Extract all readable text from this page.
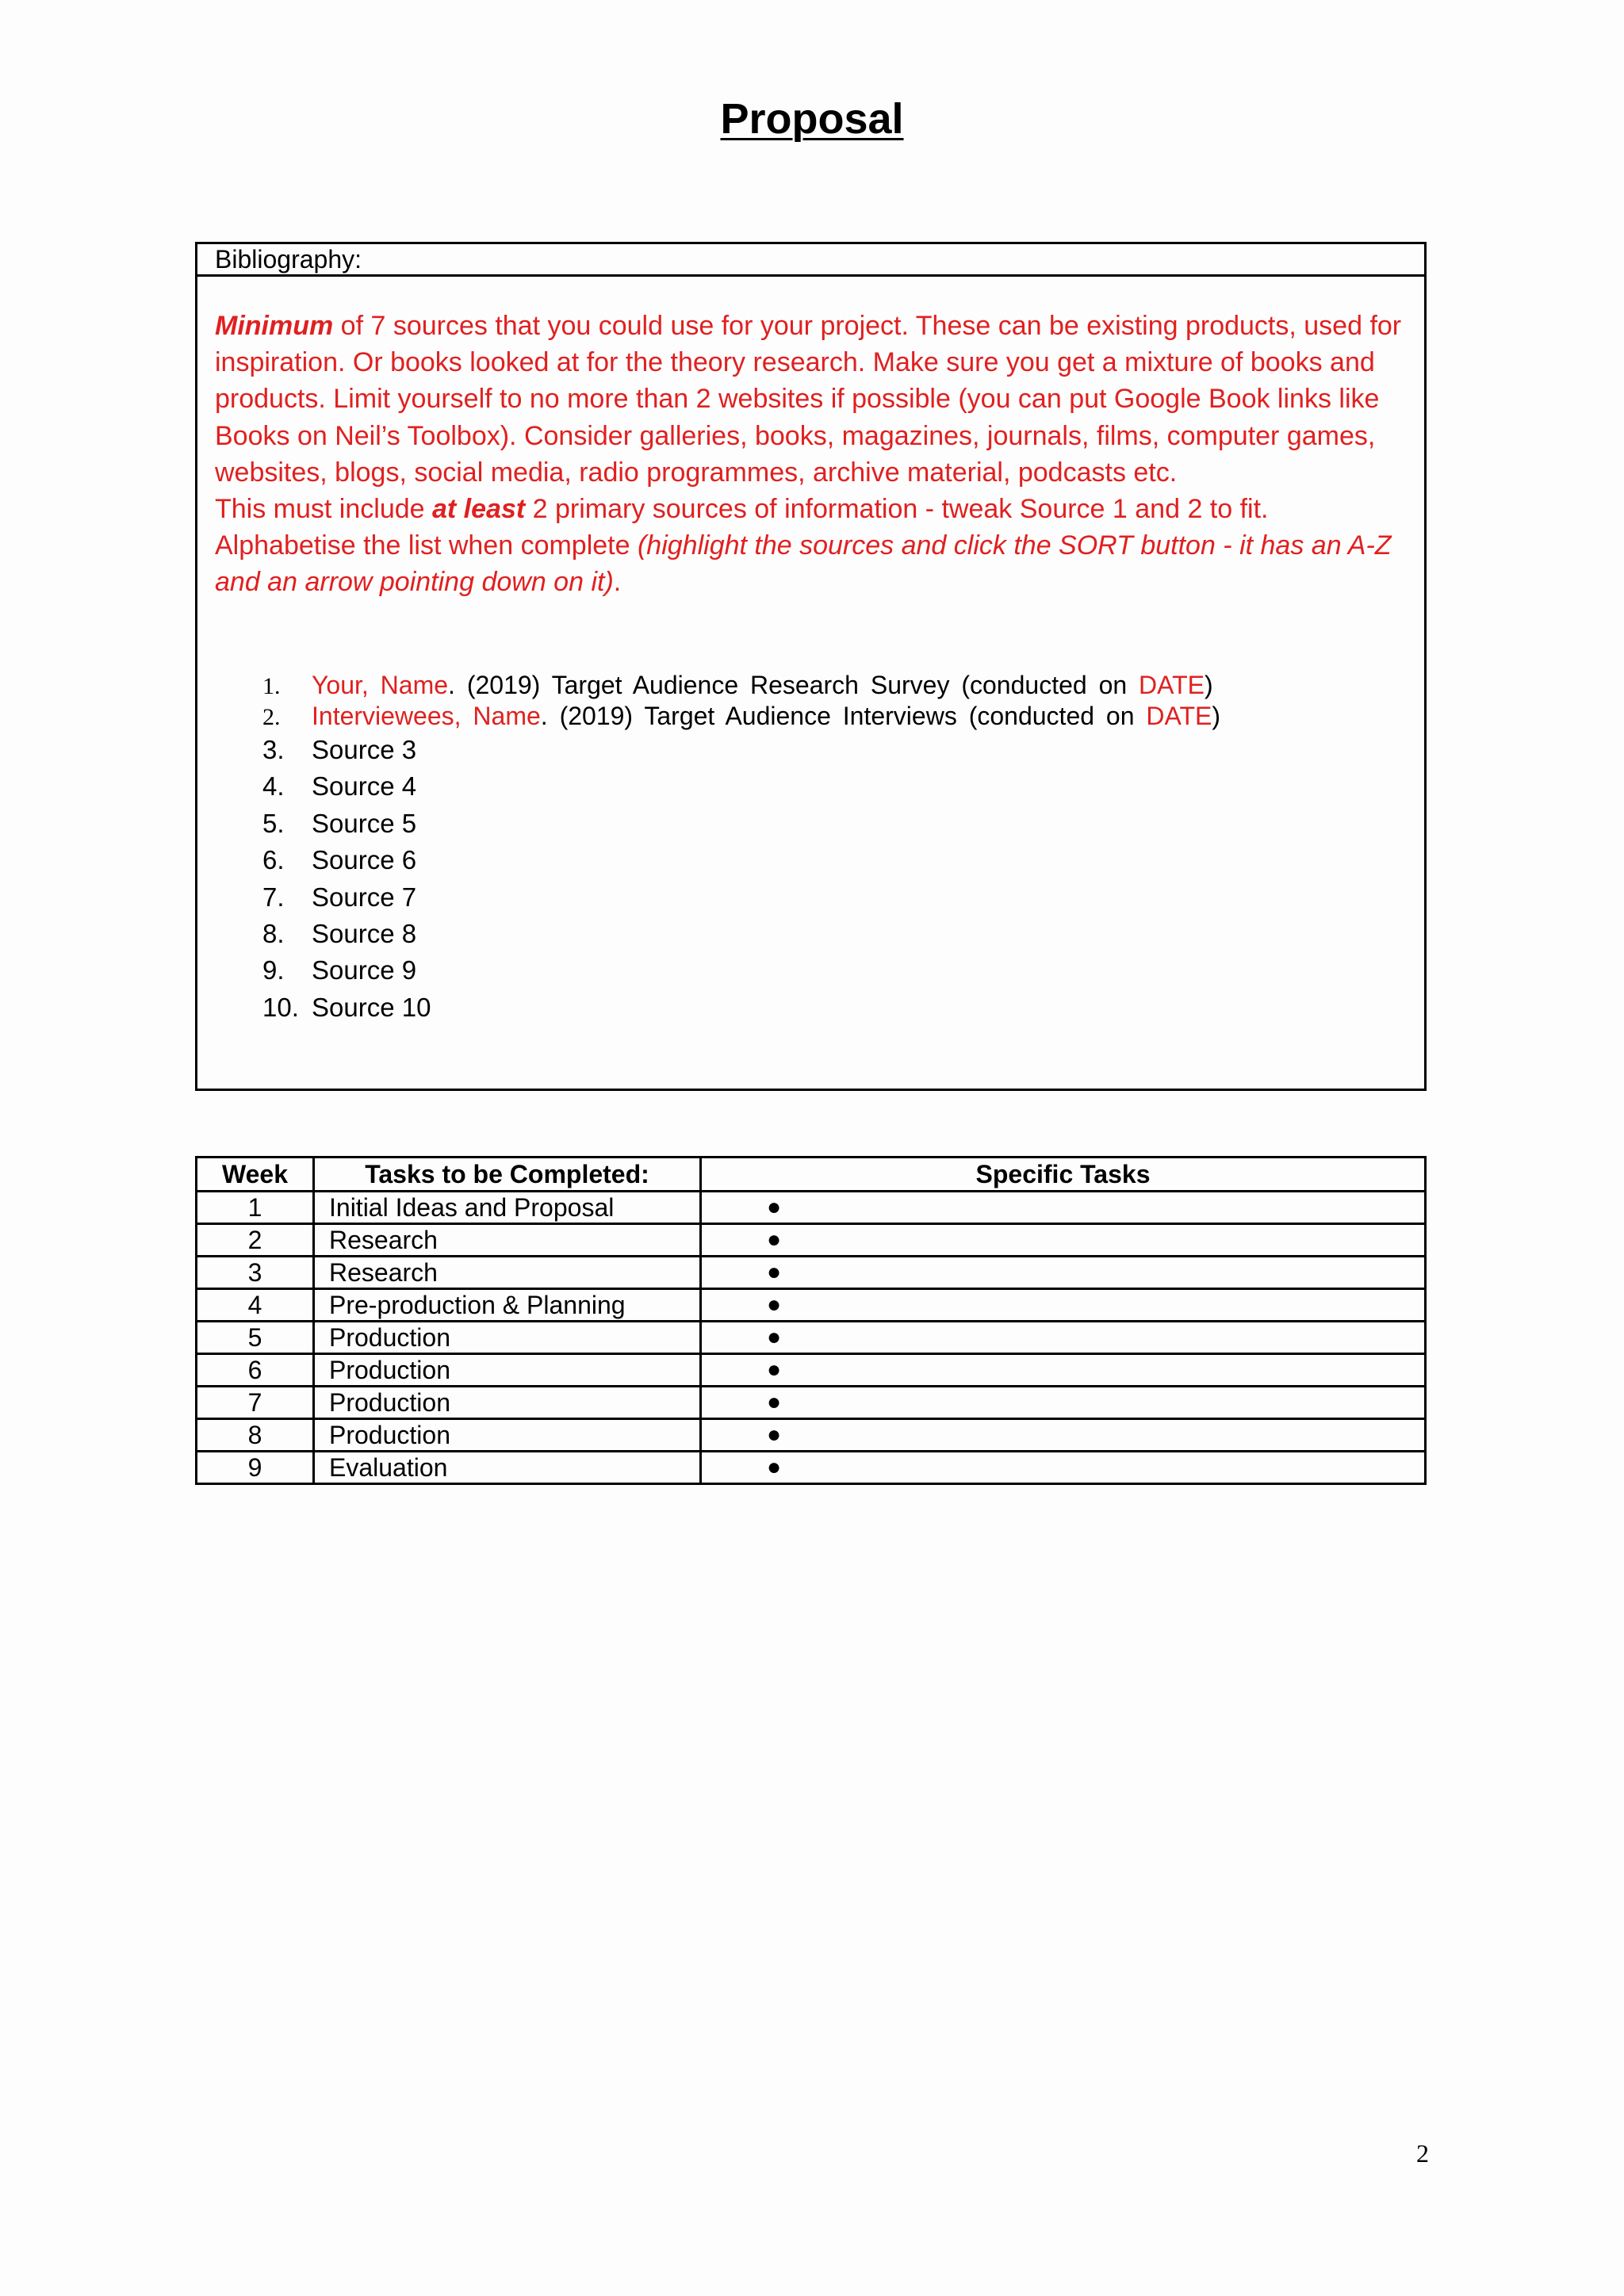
Proposal
Bibliography:
Minimum of 7 sources that you could use for your project. These can be existing products, used for inspiration. Or books looked at for the theory research. Make sure you get a mixture of books and products. Limit yourself to no more than 2 websites if possible (you can put Google Book links like Books on Neil’s Toolbox). Consider galleries, books, magazines, journals, films, computer games, websites, blogs, social media, radio programmes, archive material, podcasts etc.
This must include at least 2 primary sources of information - tweak Source 1 and 2 to fit.
Alphabetise the list when complete (highlight the sources and click the SORT button - it has an A-Z and an arrow pointing down on it).
1.	Your, Name. (2019) Target Audience Research Survey (conducted on DATE)
2.	Interviewees, Name. (2019) Target Audience Interviews (conducted on DATE)
3.	Source 3
4.	Source 4
5.	Source 5
6.	Source 6
7.	Source 7
8.	Source 8
9.	Source 9
10. Source 10
Week	Tasks to be Completed:	Specific Tasks
1	Initial Ideas and Proposal	●
2	Research	●
3	Research	●
4	Pre-production & Planning	●
5	Production	●
6	Production	●
7	Production	●
8	Production	●
9	Evaluation	●
2
